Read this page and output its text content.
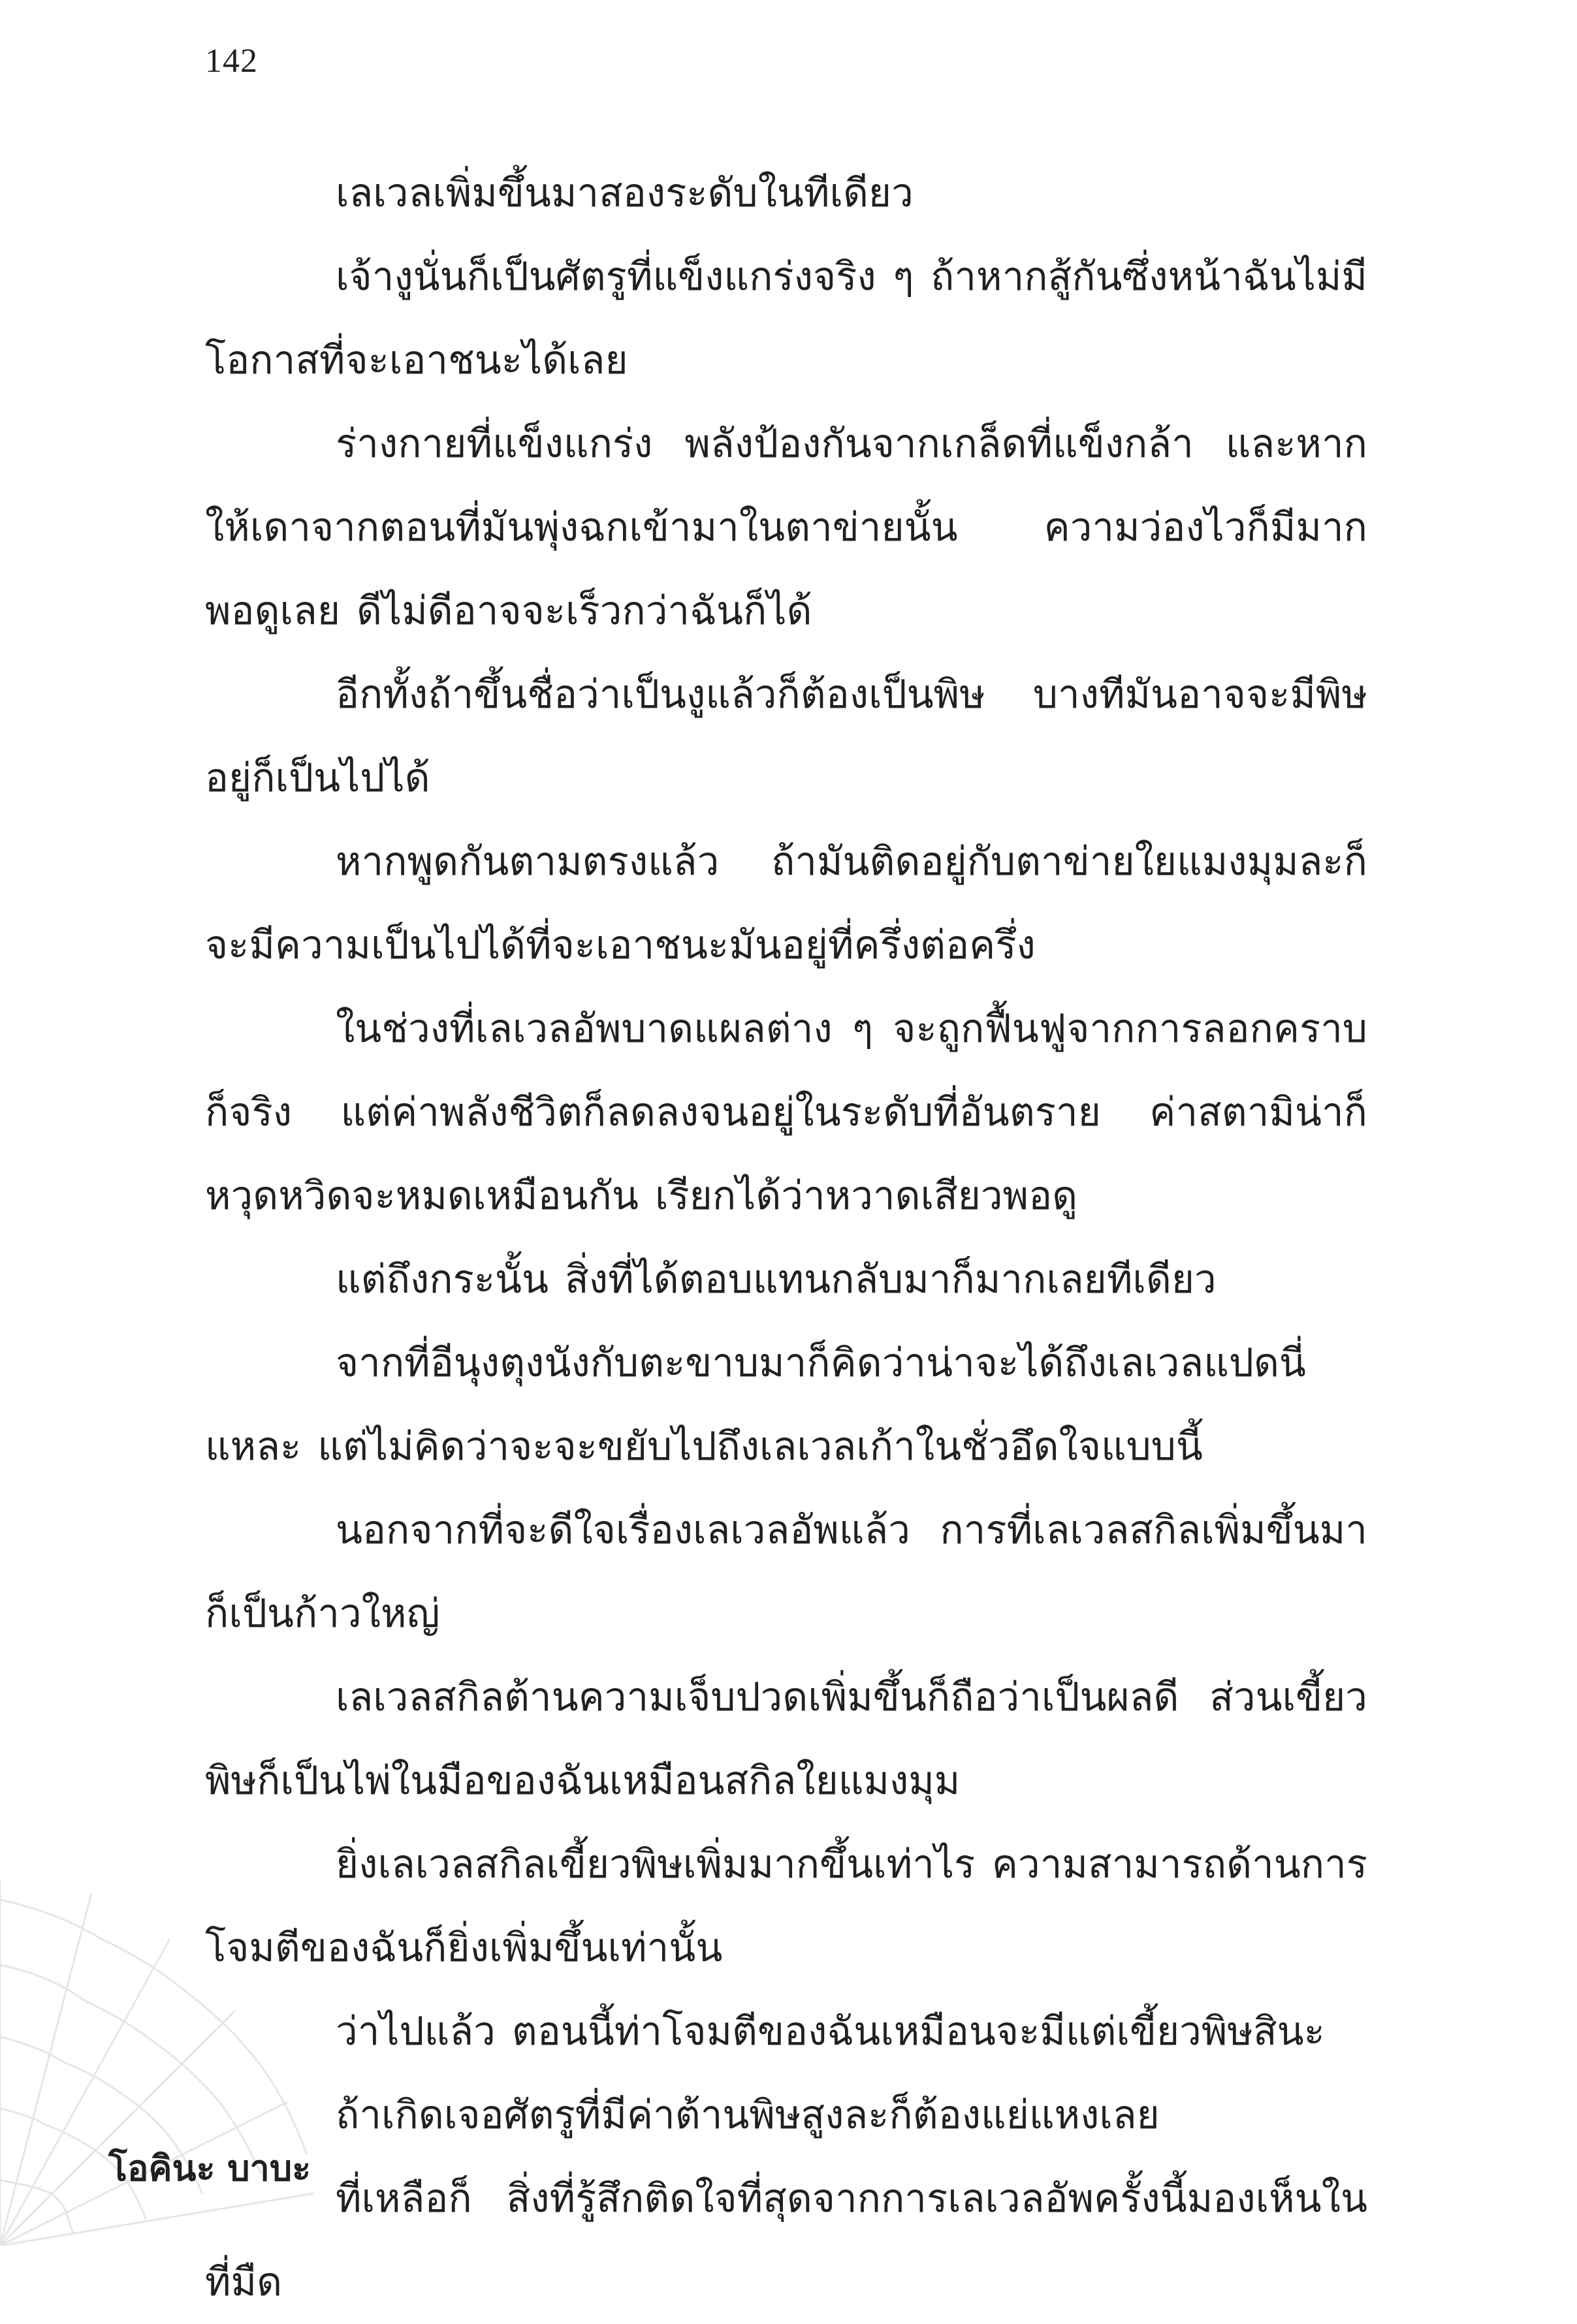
142

เลเวลเพิ่มขึ้นมาสองระดับในทีเดียว

เจ้างูนั่นก็เป็นศัตรูที่แข็งแกร่งจริง ๆ ถ้าหากสู้กันซึ่งหน้าฉันไม่มีโอกาสที่จะเอาชนะได้เลย

ร่างกายที่แข็งแกร่ง พลังป้องกันจากเกล็ดที่แข็งกล้า และหากให้เดาจากตอนที่มันพุ่งฉกเข้ามาในตาข่ายนั้น ความว่องไวก็มีมากพอดูเลย ดีไม่ดีอาจจะเร็วกว่าฉันก็ได้

อีกทั้งถ้าขึ้นชื่อว่าเป็นงูแล้วก็ต้องเป็นพิษ บางทีมันอาจจะมีพิษอยู่ก็เป็นไปได้

หากพูดกันตามตรงแล้ว ถ้ามันติดอยู่กับตาข่ายใยแมงมุมละก็จะมีความเป็นไปได้ที่จะเอาชนะมันอยู่ที่ครึ่งต่อครึ่ง

ในช่วงที่เลเวลอัพบาดแผลต่าง ๆ จะถูกฟื้นฟูจากการลอกคราบก็จริง แต่ค่าพลังชีวิตก็ลดลงจนอยู่ในระดับที่อันตราย ค่าสตามิน่าก็หวุดหวิดจะหมดเหมือนกัน เรียกได้ว่าหวาดเสียวพอดู

แต่ถึงกระนั้น สิ่งที่ได้ตอบแทนกลับมาก็มากเลยทีเดียว

จากที่อีนุงตุงนังกับตะขาบมาก็คิดว่าน่าจะได้ถึงเลเวลแปดนี่แหละ แต่ไม่คิดว่าจะจะขยับไปถึงเลเวลเก้าในชั่วอึดใจแบบนี้

นอกจากที่จะดีใจเรื่องเลเวลอัพแล้ว การที่เลเวลสกิลเพิ่มขึ้นมาก็เป็นก้าวใหญ่

เลเวลสกิลต้านความเจ็บปวดเพิ่มขึ้นก็ถือว่าเป็นผลดี ส่วนเขี้ยวพิษก็เป็นไพ่ในมือของฉันเหมือนสกิลใยแมงมุม

ยิ่งเลเวลสกิลเขี้ยวพิษเพิ่มมากขึ้นเท่าไร ความสามารถด้านการโจมตีของฉันก็ยิ่งเพิ่มขึ้นเท่านั้น

ว่าไปแล้ว ตอนนี้ท่าโจมตีของฉันเหมือนจะมีแต่เขี้ยวพิษสินะ

ถ้าเกิดเจอศัตรูที่มีค่าต้านพิษสูงละก็ต้องแย่แหงเลย

ที่เหลือก็ สิ่งที่รู้สึกติดใจที่สุดจากการเลเวลอัพครั้งนี้มองเห็นในที่มืด

โอคินะ บาบะ
